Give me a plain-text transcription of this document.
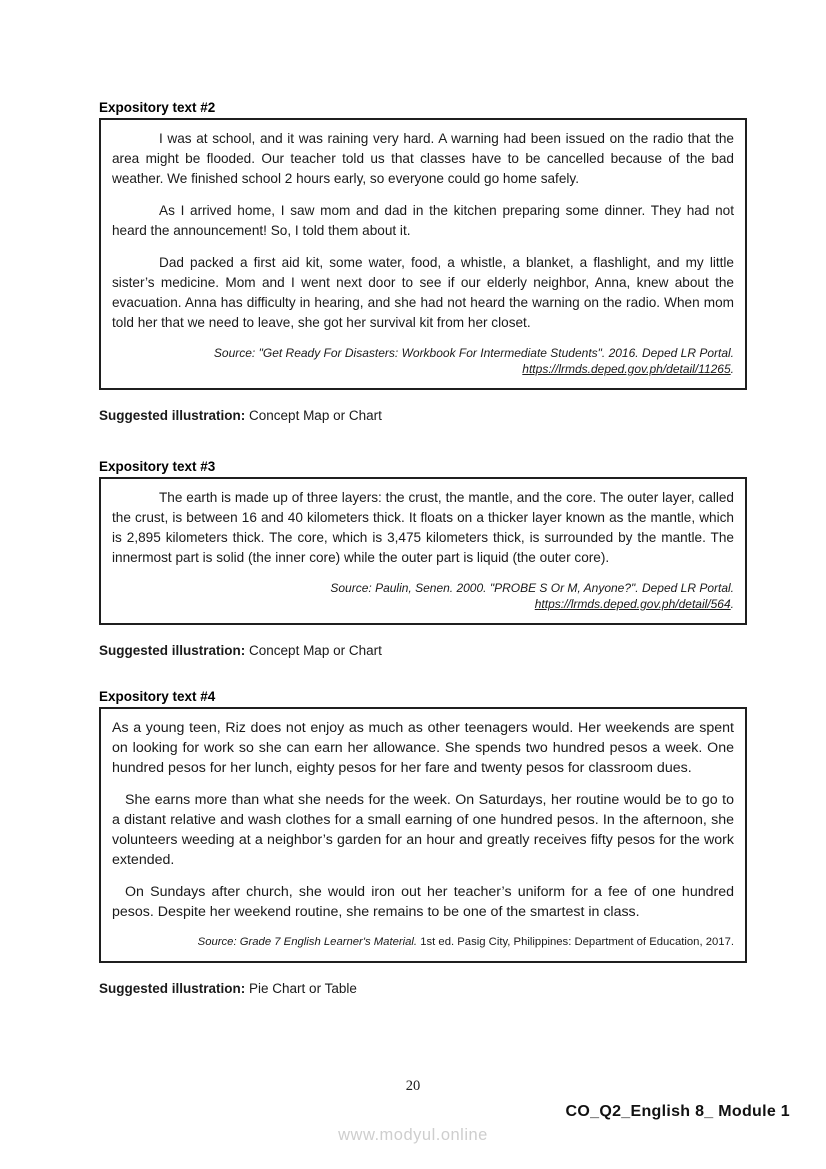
Expository text #2

I was at school, and it was raining very hard. A warning had been issued on the radio that the area might be flooded. Our teacher told us that classes have to be cancelled because of the bad weather. We finished school 2 hours early, so everyone could go home safely.

As I arrived home, I saw mom and dad in the kitchen preparing some dinner. They had not heard the announcement! So, I told them about it.

Dad packed a first aid kit, some water, food, a whistle, a blanket, a flashlight, and my little sister’s medicine. Mom and I went next door to see if our elderly neighbor, Anna, knew about the evacuation. Anna has difficulty in hearing, and she had not heard the warning on the radio. When mom told her that we need to leave, she got her survival kit from her closet.

Source: "Get Ready For Disasters: Workbook For Intermediate Students". 2016. Deped LR Portal.
https://lrmds.deped.gov.ph/detail/11265.

Suggested illustration: Concept Map or Chart

Expository text #3

The earth is made up of three layers: the crust, the mantle, and the core. The outer layer, called the crust, is between 16 and 40 kilometers thick. It floats on a thicker layer known as the mantle, which is 2,895 kilometers thick. The core, which is 3,475 kilometers thick, is surrounded by the mantle. The innermost part is solid (the inner core) while the outer part is liquid (the outer core).

Source: Paulin, Senen. 2000. "PROBE S Or M, Anyone?". Deped LR Portal.
https://lrmds.deped.gov.ph/detail/564.

Suggested illustration: Concept Map or Chart

Expository text #4

As a young teen, Riz does not enjoy as much as other teenagers would. Her weekends are spent on looking for work so she can earn her allowance. She spends two hundred pesos a week. One hundred pesos for her lunch, eighty pesos for her fare and twenty pesos for classroom dues.

She earns more than what she needs for the week. On Saturdays, her routine would be to go to a distant relative and wash clothes for a small earning of one hundred pesos. In the afternoon, she volunteers weeding at a neighbor’s garden for an hour and greatly receives fifty pesos for the work extended.

On Sundays after church, she would iron out her teacher’s uniform for a fee of one hundred pesos. Despite her weekend routine, she remains to be one of the smartest in class.

Source: Grade 7 English Learner's Material. 1st ed. Pasig City, Philippines: Department of Education, 2017.

Suggested illustration: Pie Chart or Table

20
CO_Q2_English 8_ Module 1
www.modyul.online
